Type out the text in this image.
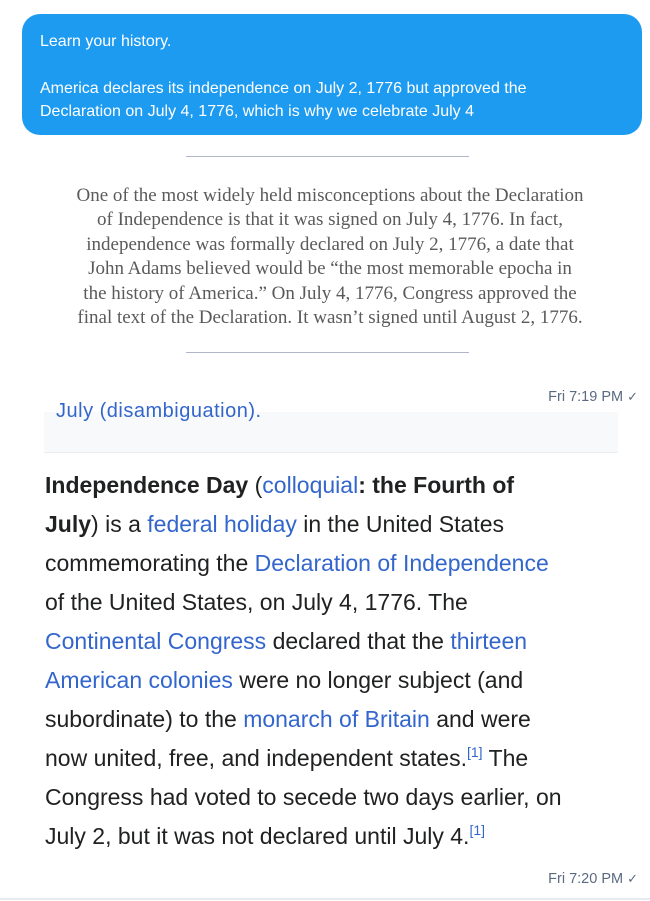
Learn your history.

America declares its independence on July 2, 1776 but approved the

Declaration on July 4, 1776, which is why we celebrate July 4

One of the most widely held misconceptions about the Declaration
of Independence is that it was signed on July 4, 1776. In fact,
independence was formally declared on July 2, 1776, a date that
John Adams believed would be “the most memorable epocha in
the history of America.” On July 4, 1776, Congress approved the
final text of the Declaration. It wasn’t signed until August 2, 1776.
Fri 7:19 PM ✓
July (disambiguation).
Independence Day (colloquial: the Fourth of
July) is a federal holiday in the United States
commemorating the Declaration of Independence
of the United States, on July 4, 1776. The
Continental Congress declared that the thirteen
American colonies were no longer subject (and
subordinate) to the monarch of Britain and were
now united, free, and independent states.[1] The
Congress had voted to secede two days earlier, on
July 2, but it was not declared until July 4.[1]
Fri 7:20 PM ✓
